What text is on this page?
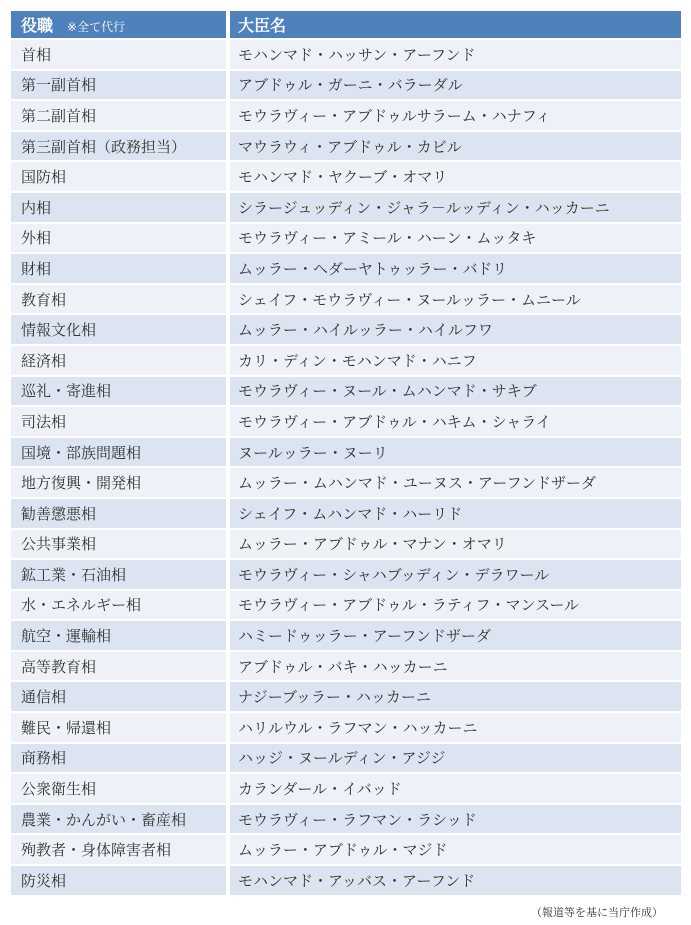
役職 ※全て代行	大臣名
首相	モハンマド・ハッサン・アーフンド
第一副首相	アブドゥル・ガーニ・バラーダル
第二副首相	モウラヴィー・アブドゥルサラーム・ハナフィ
第三副首相（政務担当）	マウラウィ・アブドゥル・カビル
国防相	モハンマド・ヤクーブ・オマリ
内相	シラージュッディン・ジャラ－ルッディン・ハッカーニ
外相	モウラヴィー・アミール・ハーン・ムッタキ
財相	ムッラー・ヘダーヤトゥッラー・バドリ
教育相	シェイフ・モウラヴィー・ヌールッラー・ムニール
情報文化相	ムッラー・ハイルッラー・ハイルフワ
経済相	カリ・ディン・モハンマド・ハニフ
巡礼・寄進相	モウラヴィー・ヌール・ムハンマド・サキブ
司法相	モウラヴィー・アブドゥル・ハキム・シャライ
国境・部族問題相	ヌールッラー・ヌーリ
地方復興・開発相	ムッラー・ムハンマド・ユーヌス・アーフンドザーダ
勧善懲悪相	シェイフ・ムハンマド・ハーリド
公共事業相	ムッラー・アブドゥル・マナン・オマリ
鉱工業・石油相	モウラヴィー・シャハブッディン・デラワール
水・エネルギー相	モウラヴィー・アブドゥル・ラティフ・マンスール
航空・運輸相	ハミードゥッラー・アーフンドザーダ
高等教育相	アブドゥル・バキ・ハッカーニ
通信相	ナジーブッラー・ハッカーニ
難民・帰還相	ハリルウル・ラフマン・ハッカーニ
商務相	ハッジ・ヌールディン・アジジ
公衆衛生相	カランダール・イバッド
農業・かんがい・畜産相	モウラヴィー・ラフマン・ラシッド
殉教者・身体障害者相	ムッラー・アブドゥル・マジド
防災相	モハンマド・アッバス・アーフンド
（報道等を基に当庁作成）
